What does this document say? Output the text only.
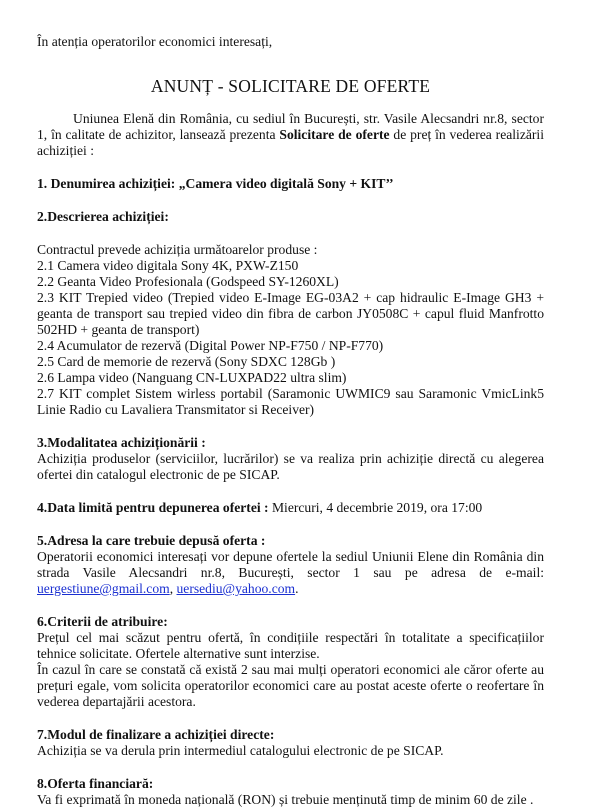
În atenția operatorilor economici interesați,

ANUNȚ - SOLICITARE DE OFERTE

Uniunea Elenă din România, cu sediul în București, str. Vasile Alecsandri nr.8, sector 1, în calitate de achizitor, lansează prezenta Solicitare de oferte de preț în vederea realizării achiziției :

1. Denumirea achiziției: „Camera video digitală Sony + KIT’’

2.Descrierea achiziției:

Contractul prevede achiziția următoarelor produse :

2.1 Camera video digitala Sony 4K, PXW-Z150
2.2 Geanta Video Profesionala (Godspeed SY-1260XL)
2.3 KIT Trepied video (Trepied video E-Image EG-03A2 + cap hidraulic E-Image GH3 + geanta de transport sau trepied video din fibra de carbon JY0508C + capul fluid Manfrotto 502HD + geanta de transport)
2.4 Acumulator de rezervă (Digital Power NP-F750 / NP-F770)
2.5 Card de memorie de rezervă (Sony SDXC 128Gb )
2.6 Lampa video (Nanguang CN-LUXPAD22 ultra slim)
2.7 KIT complet Sistem wirless portabil (Saramonic UWMIC9 sau Saramonic VmicLink5 Linie Radio cu Lavaliera Transmitator si Receiver)

3.Modalitatea achiziționării :

Achiziția produselor (serviciilor, lucrărilor) se va realiza prin achiziție directă cu alegerea ofertei din catalogul electronic de pe SICAP.

4.Data limită pentru depunerea ofertei : Miercuri, 4 decembrie 2019, ora 17:00

5.Adresa la care trebuie depusă oferta :

Operatorii economici interesați vor depune ofertele la sediul Uniunii Elene din România din strada Vasile Alecsandri nr.8, București, sector 1 sau pe adresa de e-mail: uergestiune@gmail.com, uersediu@yahoo.com.

6.Criterii de atribuire:

Prețul cel mai scăzut pentru ofertă, în condițiile respectări în totalitate a specificațiilor tehnice solicitate. Ofertele alternative sunt interzise.

În cazul în care se constată că există 2 sau mai mulți operatori economici ale căror oferte au prețuri egale, vom solicita operatorilor economici care au postat aceste oferte o reofertare în vederea departajării acestora.

7.Modul de finalizare a achiziției directe:

Achiziția se va derula prin intermediul catalogului electronic de pe SICAP.

8.Oferta financiară:

Va fi exprimată în moneda națională (RON) și trebuie menținută timp de minim 60 de zile .
